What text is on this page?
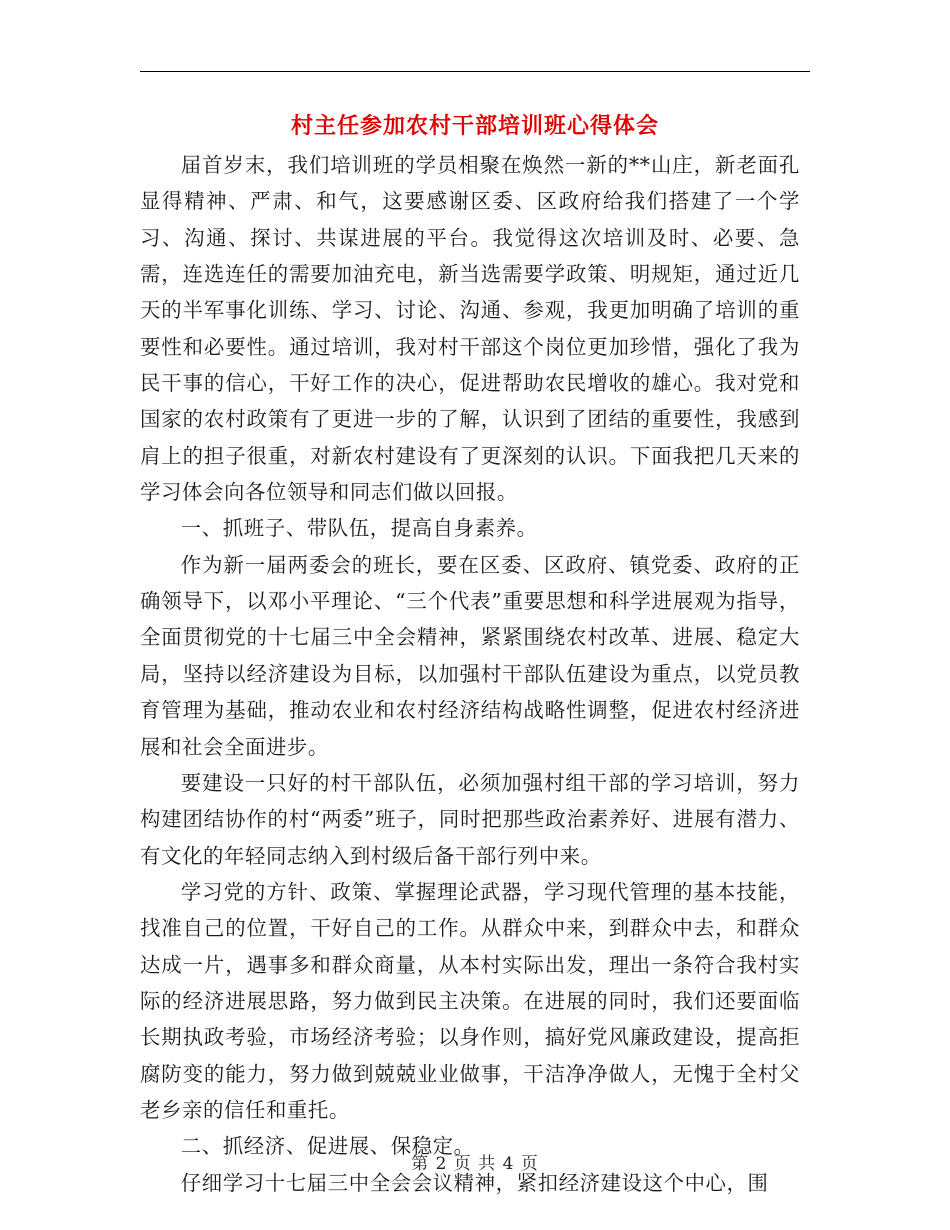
村主任参加农村干部培训班心得体会

届首岁末，我们培训班的学员相聚在焕然一新的**山庄，新老面孔显得精神、严肃、和气，这要感谢区委、区政府给我们搭建了一个学习、沟通、探讨、共谋进展的平台。我觉得这次培训及时、必要、急需，连选连任的需要加油充电，新当选需要学政策、明规矩，通过近几天的半军事化训练、学习、讨论、沟通、参观，我更加明确了培训的重要性和必要性。通过培训，我对村干部这个岗位更加珍惜，强化了我为民干事的信心，干好工作的决心，促进帮助农民增收的雄心。我对党和国家的农村政策有了更进一步的了解，认识到了团结的重要性，我感到肩上的担子很重，对新农村建设有了更深刻的认识。下面我把几天来的学习体会向各位领导和同志们做以回报。

一、抓班子、带队伍，提高自身素养。

作为新一届两委会的班长，要在区委、区政府、镇党委、政府的正确领导下，以邓小平理论、“三个代表”重要思想和科学进展观为指导，全面贯彻党的十七届三中全会精神，紧紧围绕农村改革、进展、稳定大局，坚持以经济建设为目标，以加强村干部队伍建设为重点，以党员教育管理为基础，推动农业和农村经济结构战略性调整，促进农村经济进展和社会全面进步。

要建设一只好的村干部队伍，必须加强村组干部的学习培训，努力构建团结协作的村“两委”班子，同时把那些政治素养好、进展有潜力、有文化的年轻同志纳入到村级后备干部行列中来。

学习党的方针、政策、掌握理论武器，学习现代管理的基本技能，找准自己的位置，干好自己的工作。从群众中来，到群众中去，和群众达成一片，遇事多和群众商量，从本村实际出发，理出一条符合我村实际的经济进展思路，努力做到民主决策。在进展的同时，我们还要面临长期执政考验，市场经济考验；以身作则，搞好党风廉政建设，提高拒腐防变的能力，努力做到兢兢业业做事，干洁净净做人，无愧于全村父老乡亲的信任和重托。

二、抓经济、促进展、保稳定。

仔细学习十七届三中全会会议精神，紧扣经济建设这个中心，围

第 2 页 共 4 页
